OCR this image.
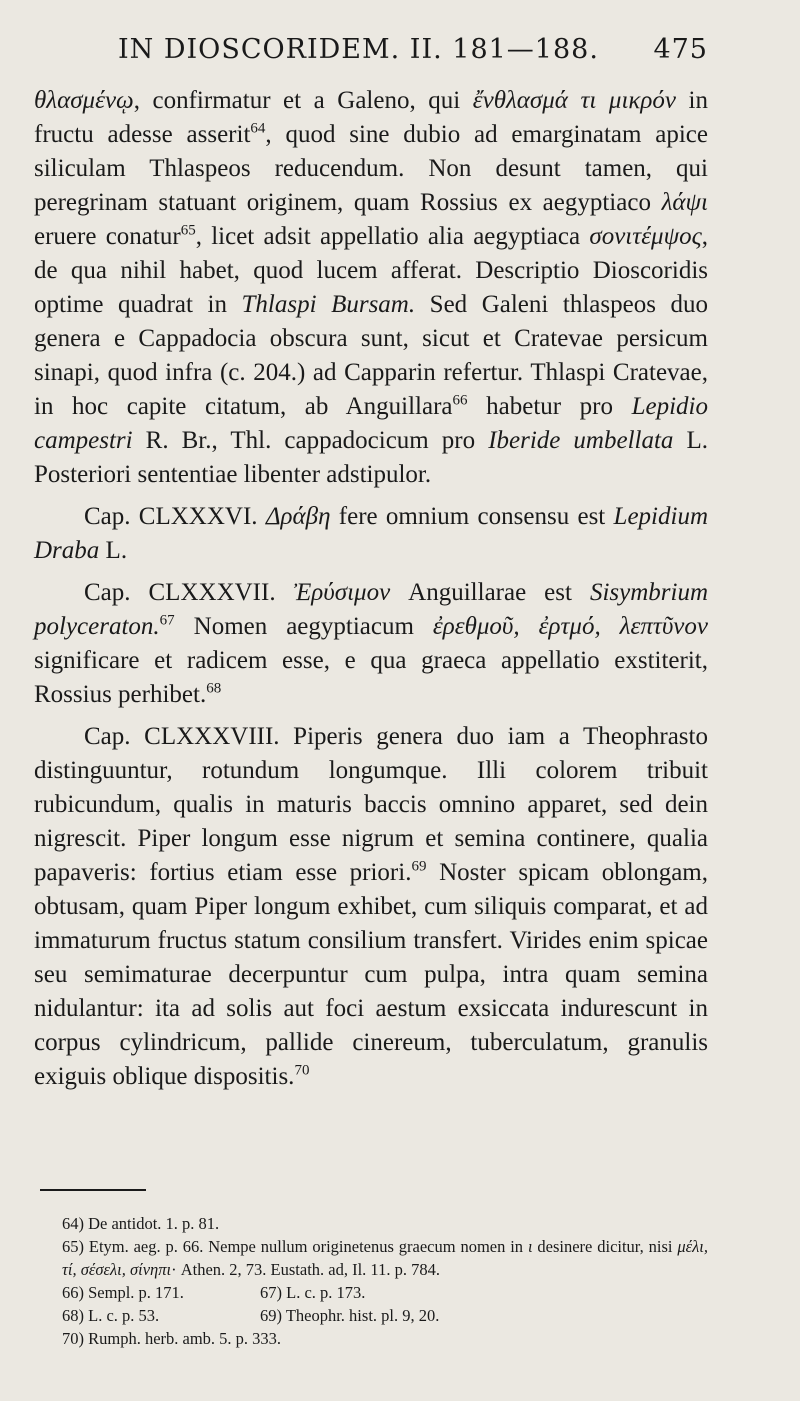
IN DIOSCORIDEM. II. 181—188. 475

θλασμένῳ, confirmatur et a Galeno, qui ἔνθλασμά τι μικρόν in fructu adesse asserit$^{64}$, quod sine dubio ad emarginatam apice siliculam Thlaspeos reducendum. Non desunt tamen, qui peregrinam statuant originem, quam Rossius ex aegyptiaco λάψι eruere conatur$^{65}$, licet adsit appellatio alia aegyptiaca σονιτέμψος, de qua nihil habet, quod lucem afferat. Descriptio Dioscoridis optime quadrat in Thlaspi Bursam. Sed Galeni thlaspeos duo genera e Cappadocia obscura sunt, sicut et Cratevae persicum sinapi, quod infra (c. 204.) ad Capparin refertur. Thlaspi Cratevae, in hoc capite citatum, ab Anguillara$^{66}$ habetur pro Lepidio campestri R. Br., Thl. cappadocicum pro Iberide umbellata L. Posteriori sententiae libenter adstipulor.

Cap. CLXXXVI. Δράβη fere omnium consensu est Lepidium Draba L.

Cap. CLXXXVII. Ἐρύσιμον Anguillarae est Sisymbrium polyceraton.$^{67}$ Nomen aegyptiacum ἐρεθμοῦ, ἐρτμό, λεπτῦνον significare et radicem esse, e qua graeca appellatio exstiterit, Rossius perhibet.$^{68}$

Cap. CLXXXVIII. Piperis genera duo iam a Theophrasto distinguuntur, rotundum longumque. Illi colorem tribuit rubicundum, qualis in maturis baccis omnino apparet, sed dein nigrescit. Piper longum esse nigrum et semina continere, qualia papaveris: fortius etiam esse priori.$^{69}$ Noster spicam oblongam, obtusam, quam Piper longum exhibet, cum siliquis comparat, et ad immaturum fructus statum consilium transfert. Virides enim spicae seu semimaturae decerpuntur cum pulpa, intra quam semina nidulantur: ita ad solis aut foci aestum exsiccata indurescunt in corpus cylindricum, pallide cinereum, tuberculatum, granulis exiguis oblique dispositis.$^{70}$

64) De antidot. 1. p. 81.
65) Etym. aeg. p. 66. Nempe nullum originetenus graecum nomen in ι desinere dicitur, nisi μέλι, τί, σέσελι, σίνηπι· Athen. 2, 73. Eustath. ad, Il. 11. p. 784.
66) Sempl. p. 171.	67) L. c. p. 173.
68) L. c. p. 53.	69) Theophr. hist. pl. 9, 20.
70) Rumph. herb. amb. 5. p. 333.
